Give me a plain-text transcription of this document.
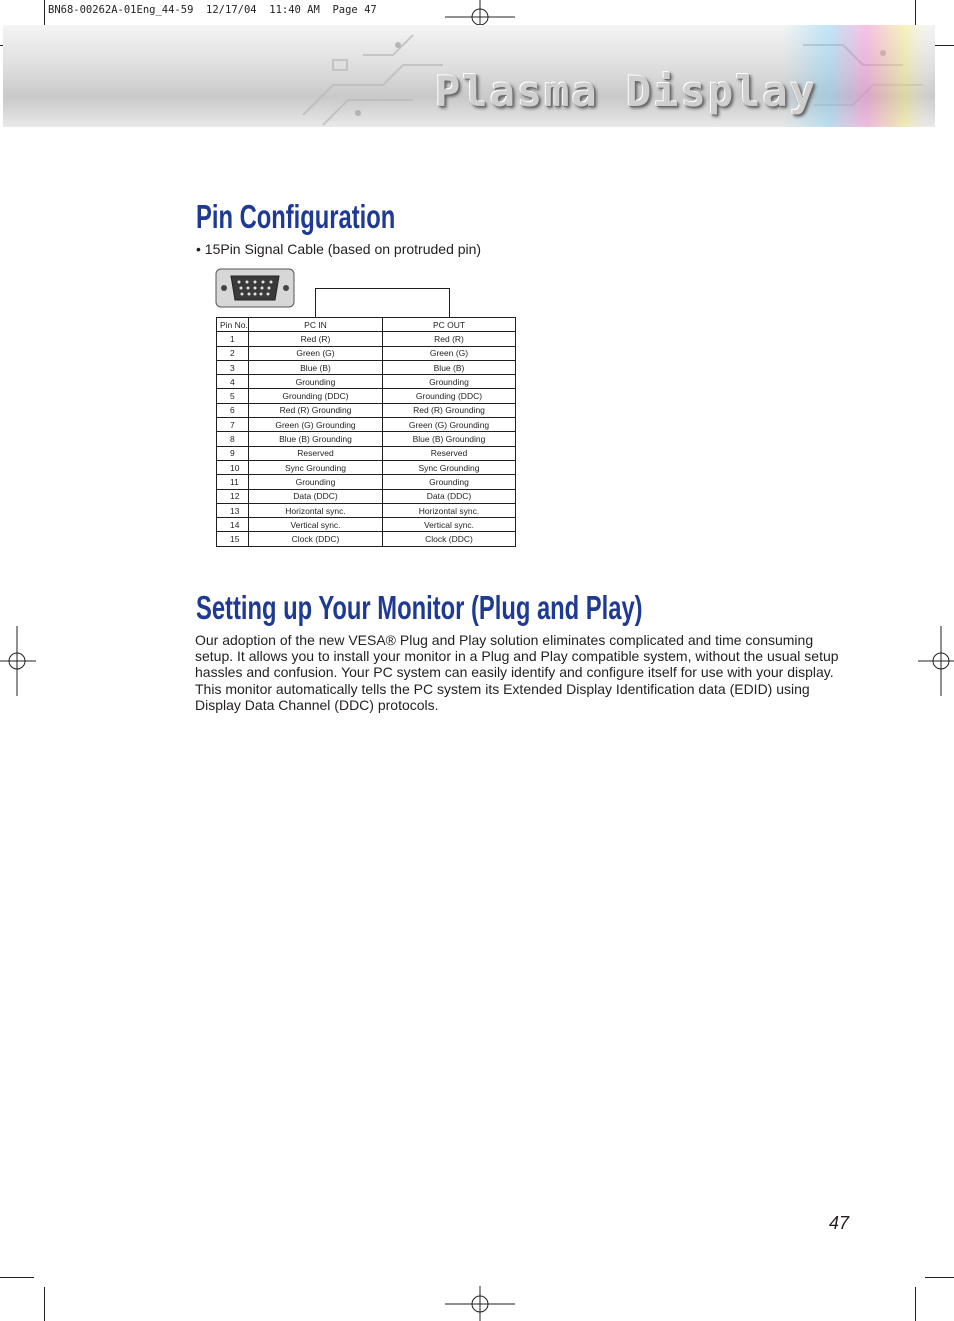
BN68-00262A-01Eng_44-59  12/17/04  11:40 AM  Page 47
Plasma Display
Pin Configuration
• 15Pin Signal Cable (based on protruded pin)
Pin No.	PC IN	PC OUT
1	Red (R)	Red (R)
2	Green (G)	Green (G)
3	Blue (B)	Blue (B)
4	Grounding	Grounding
5	Grounding (DDC)	Grounding (DDC)
6	Red (R) Grounding	Red (R) Grounding
7	Green (G) Grounding	Green (G) Grounding
8	Blue (B) Grounding	Blue (B) Grounding
9	Reserved	Reserved
10	Sync Grounding	Sync Grounding
11	Grounding	Grounding
12	Data (DDC)	Data (DDC)
13	Horizontal sync.	Horizontal sync.
14	Vertical sync.	Vertical sync.
15	Clock (DDC)	Clock (DDC)
Setting up Your Monitor (Plug and Play)

Our adoption of the new VESA® Plug and Play solution eliminates complicated and time consuming setup. It allows you to install your monitor in a Plug and Play compatible system, without the usual setup hassles and confusion. Your PC system can easily identify and configure itself for use with your display. This monitor automatically tells the PC system its Extended Display Identification data (EDID) using Display Data Channel (DDC) protocols.

47
